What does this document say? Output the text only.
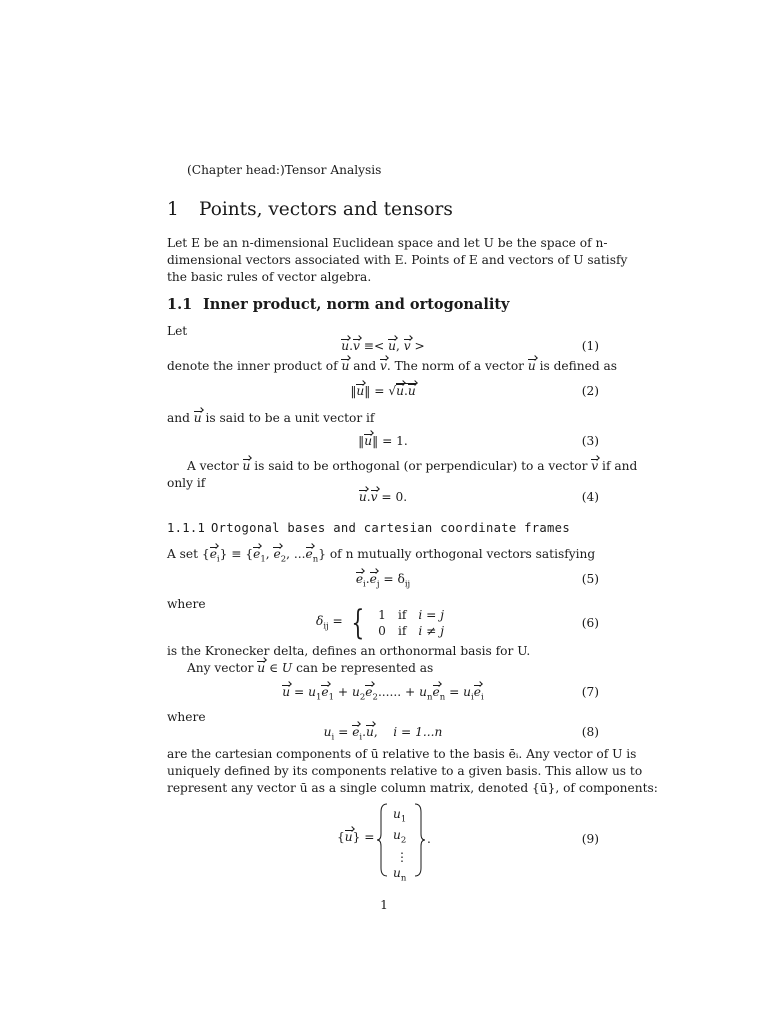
(Chapter head:)Tensor Analysis
1 Points, vectors and tensors
Let E be an n-dimensional Euclidean space and let U be the space of n-
dimensional vectors associated with E. Points of E and vectors of U satisfy
the basic rules of vector algebra.
1.1 Inner product, norm and ortogonality
Let
u.v ≡< u, v >	(1)
denote the inner product of u and v. The norm of a vector u is defined as
‖u‖ = √u.u	(2)
and u is said to be a unit vector if
‖u‖ = 1.	(3)
A vector u is said to be orthogonal (or perpendicular) to a vector v if and
only if
u.v = 0.	(4)
1.1.1 Ortogonal bases and cartesian coordinate frames
A set $\{e_i\} \equiv \{e_1$, $e_2$, $...e_n$} of n mutually orthogonal vectors satisfying
$e_i.e_j = \delta_{ij}$	(5)
where
$\delta_{ij}$ = { 1	if	i = j
0	if	i ≠ j
(6)
is the Kronecker delta, defines an orthonormal basis for U.
Any vector u ∈ U can be represented as
$u = u_1e_1 + u_2e_2$...... + $u_ne_n = u_ie_i$	(7)
where
$u_i = e_i.u$,    i = 1...n	(8)
are the cartesian components of ū relative to the basis ēᵢ. Any vector of U is
uniquely defined by its components relative to a given basis. This allow us to
represent any vector ū as a single column matrix, denoted {ū}, of components:
{u} =
$u_1$
$u_2$
⋮
$u_n$
.	(9)
1
